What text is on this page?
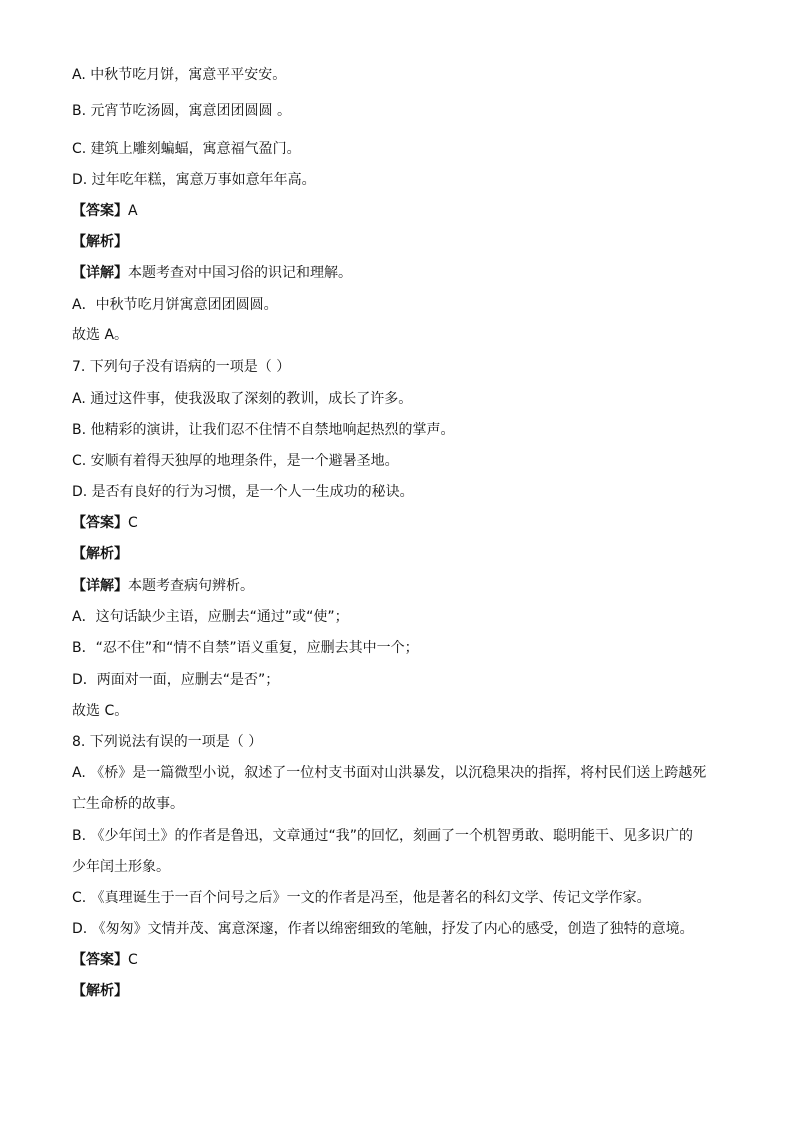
A. 中秋节吃月饼，寓意平平安安。
B. 元宵节吃汤圆，寓意团团圆圆 。
C. 建筑上雕刻蝙蝠，寓意福气盈门。
D. 过年吃年糕，寓意万事如意年年高。
【答案】A
【解析】
【详解】本题考查对中国习俗的识记和理解。
A．中秋节吃月饼寓意团团圆圆。
故选 A。
7. 下列句子没有语病的一项是（ ）
A. 通过这件事，使我汲取了深刻的教训，成长了许多。
B. 他精彩的演讲，让我们忍不住情不自禁地响起热烈的掌声。
C. 安顺有着得天独厚的地理条件，是一个避暑圣地。
D. 是否有良好的行为习惯，是一个人一生成功的秘诀。
【答案】C
【解析】
【详解】本题考查病句辨析。
A．这句话缺少主语，应删去“通过”或“使”；
B．“忍不住”和“情不自禁”语义重复，应删去其中一个；
D．两面对一面，应删去“是否”；
故选 C。
8. 下列说法有误的一项是（ ）
A. 《桥》是一篇微型小说，叙述了一位村支书面对山洪暴发，以沉稳果决的指挥，将村民们送上跨越死
亡生命桥的故事。
B. 《少年闰土》的作者是鲁迅，文章通过“我”的回忆，刻画了一个机智勇敢、聪明能干、见多识广的
少年闰土形象。
C. 《真理诞生于一百个问号之后》一文的作者是冯至，他是著名的科幻文学、传记文学作家。
D. 《匆匆》文情并茂、寓意深邃，作者以绵密细致的笔触，抒发了内心的感受，创造了独特的意境。
【答案】C
【解析】
